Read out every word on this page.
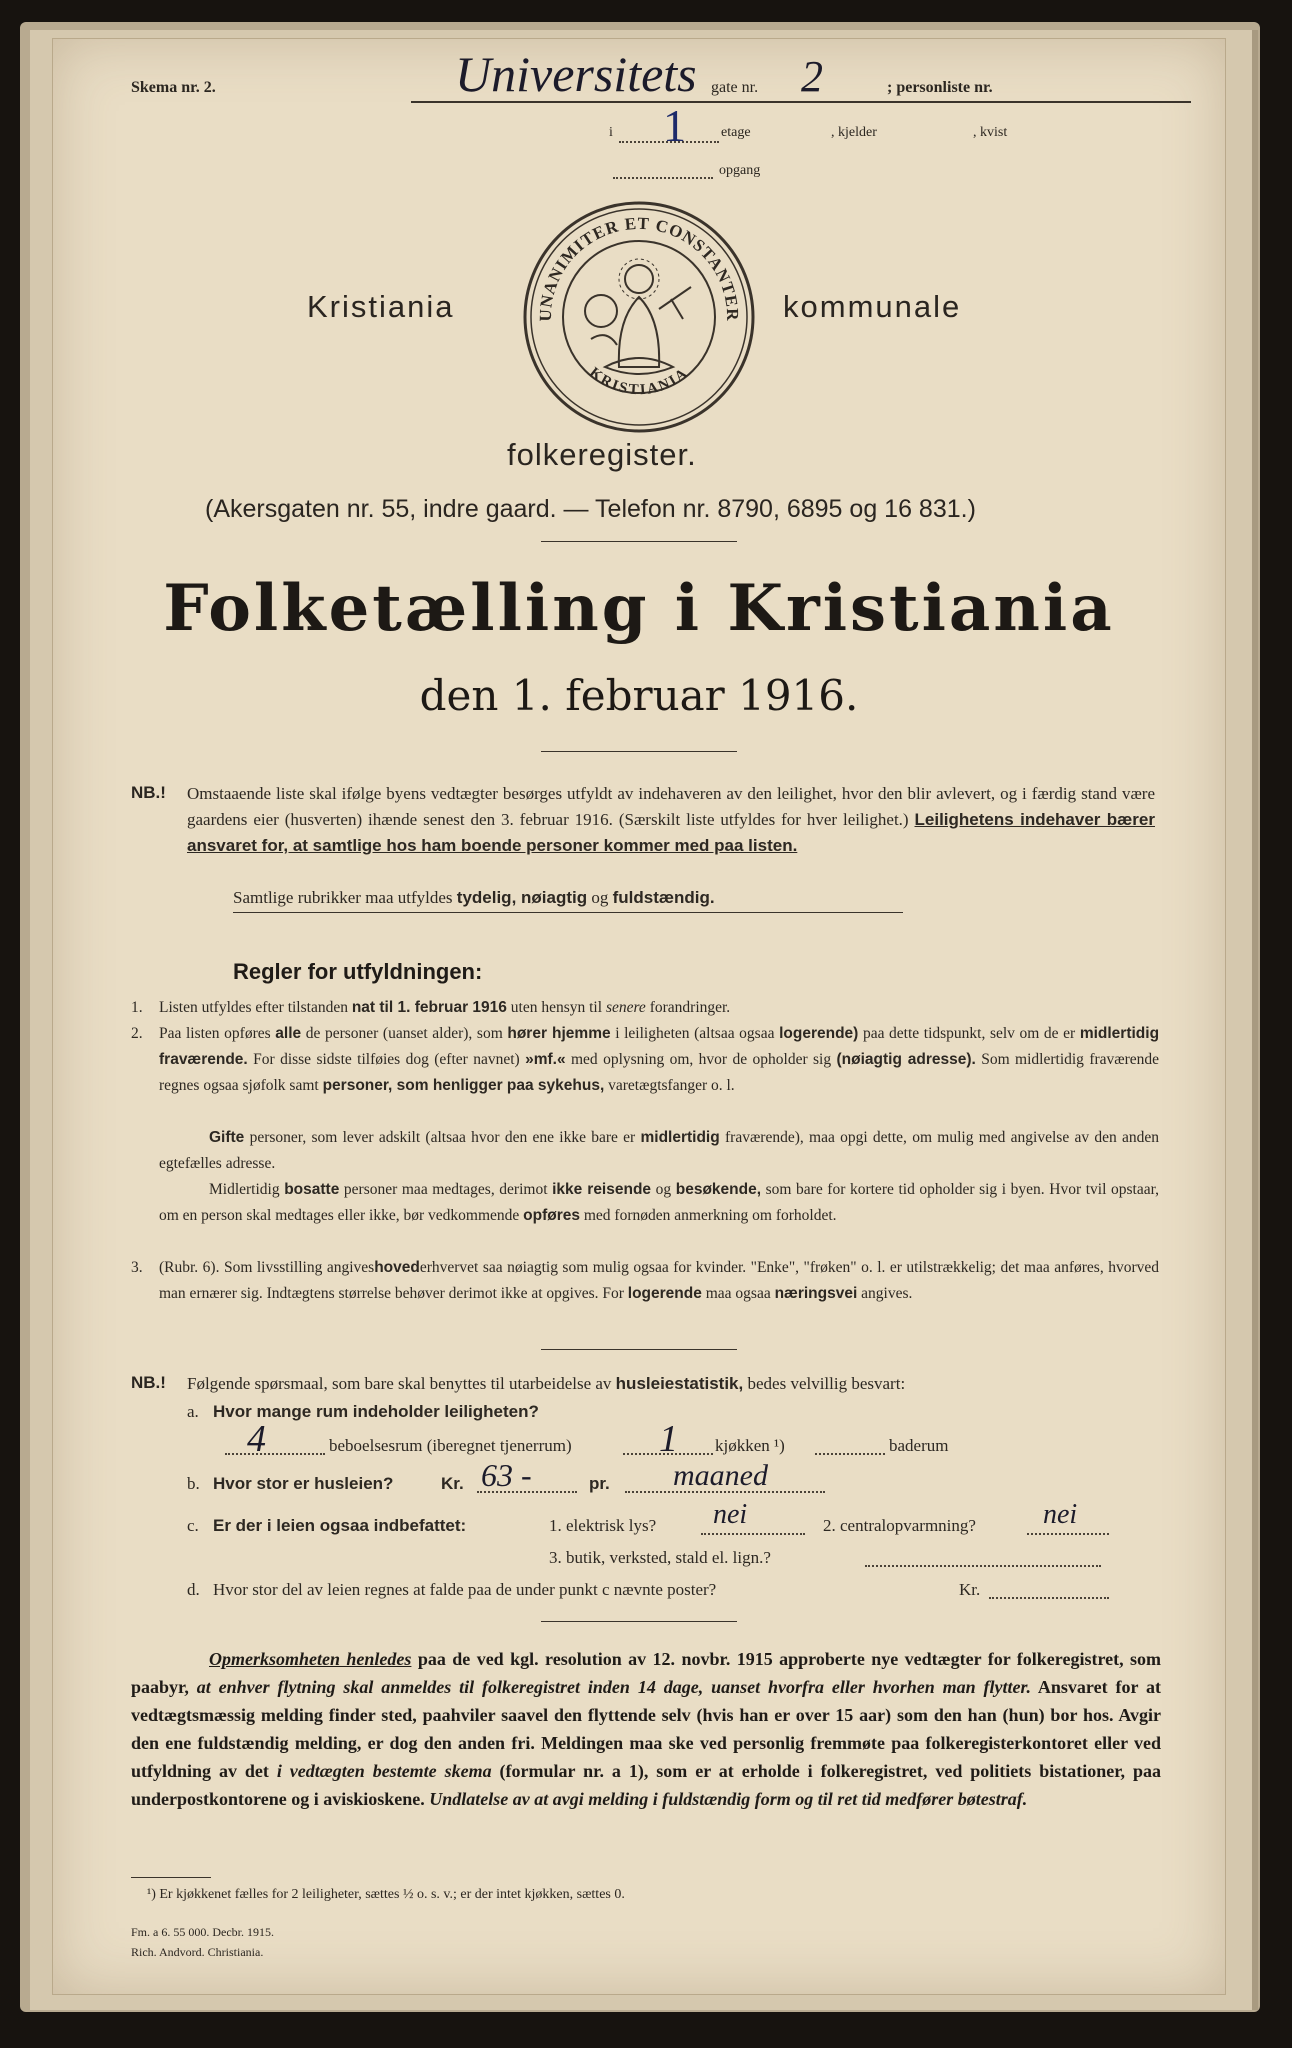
Skema nr. 2.	Universitets gate nr. 2	; personliste nr.
i 1	etage	, kjelder	, kvist
opgang
Kristiania	kommunale
UNANIMITER ET CONSTANTER
KRISTIANIA
folkeregister.
(Akersgaten nr. 55, indre gaard. — Telefon nr. 8790, 6895 og 16 831.)
Folketælling i Kristiania
den 1. februar 1916.
NB.! Omstaaende liste skal ifølge byens vedtægter besørges utfyldt av indehaveren av den leilighet, hvor den blir avlevert, og i færdig stand være gaardens eier (husverten) ihænde senest den 3. februar 1916. (Særskilt liste utfyldes for hver leilighet.) Leilighetens indehaver bærer ansvaret for, at samtlige hos ham boende personer kommer med paa listen.
Samtlige rubrikker maa utfyldes tydelig, nøiagtig og fuldstændig.
Regler for utfyldningen:
1. Listen utfyldes efter tilstanden nat til 1. februar 1916 uten hensyn til senere forandringer.
2. Paa listen opføres alle de personer (uanset alder), som hører hjemme i leiligheten (altsaa ogsaa logerende) paa dette tidspunkt, selv om de er midlertidig fraværende. For disse sidste tilføies dog (efter navnet) »mf.« med oplysning om, hvor de opholder sig (nøiagtig adresse). Som midlertidig fraværende regnes ogsaa sjøfolk samt personer, som henligger paa sykehus, varetægtsfanger o. l.
Gifte personer, som lever adskilt (altsaa hvor den ene ikke bare er midlertidig fraværende), maa opgi dette, om mulig med angivelse av den anden egtefælles adresse.
Midlertidig bosatte personer maa medtages, derimot ikke reisende og besøkende, som bare for kortere tid opholder sig i byen. Hvor tvil opstaar, om en person skal medtages eller ikke, bør vedkommende opføres med fornøden anmerkning om forholdet.
3. (Rubr. 6). Som livsstilling angiveshovederhvervet saa nøiagtig som mulig ogsaa for kvinder. "Enke", "frøken" o. l. er utilstrækkelig; det maa anføres, hvorved man ernærer sig. Indtægtens størrelse behøver derimot ikke at opgives. For logerende maa ogsaa næringsvei angives.
NB.! Følgende spørsmaal, som bare skal benyttes til utarbeidelse av husleiestatistik, bedes velvillig besvart:
a. Hvor mange rum indeholder leiligheten?
4	beboelsesrum (iberegnet tjenerrum) 1 kjøkken ¹)	baderum
b. Hvor stor er husleien?	Kr. 63 -	pr. maaned
c. Er der i leien ogsaa indbefattet:	1. elektrisk lys? nei	2. centralopvarmning? nei
3. butik, verksted, stald el. lign.?
d. Hvor stor del av leien regnes at falde paa de under punkt c nævnte poster?	Kr.
Opmerksomheten henledes paa de ved kgl. resolution av 12. novbr. 1915 approberte nye vedtægter for folkeregistret, som paabyr, at enhver flytning skal anmeldes til folkeregistret inden 14 dage, uanset hvorfra eller hvorhen man flytter. Ansvaret for at vedtægtsmæssig melding finder sted, paahviler saavel den flyttende selv (hvis han er over 15 aar) som den han (hun) bor hos. Avgir den ene fuldstændig melding, er dog den anden fri. Meldingen maa ske ved personlig fremmøte paa folkeregisterkontoret eller ved utfyldning av det i vedtægten bestemte skema (formular nr. a 1), som er at erholde i folkeregistret, ved politiets bistationer, paa underpostkontorene og i aviskioskene. Undlatelse av at avgi melding i fuldstændig form og til ret tid medfører bøtestraf.
¹) Er kjøkkenet fælles for 2 leiligheter, sættes ½ o. s. v.; er der intet kjøkken, sættes 0.
Fm. a 6. 55 000. Decbr. 1915.
Rich. Andvord. Christiania.
